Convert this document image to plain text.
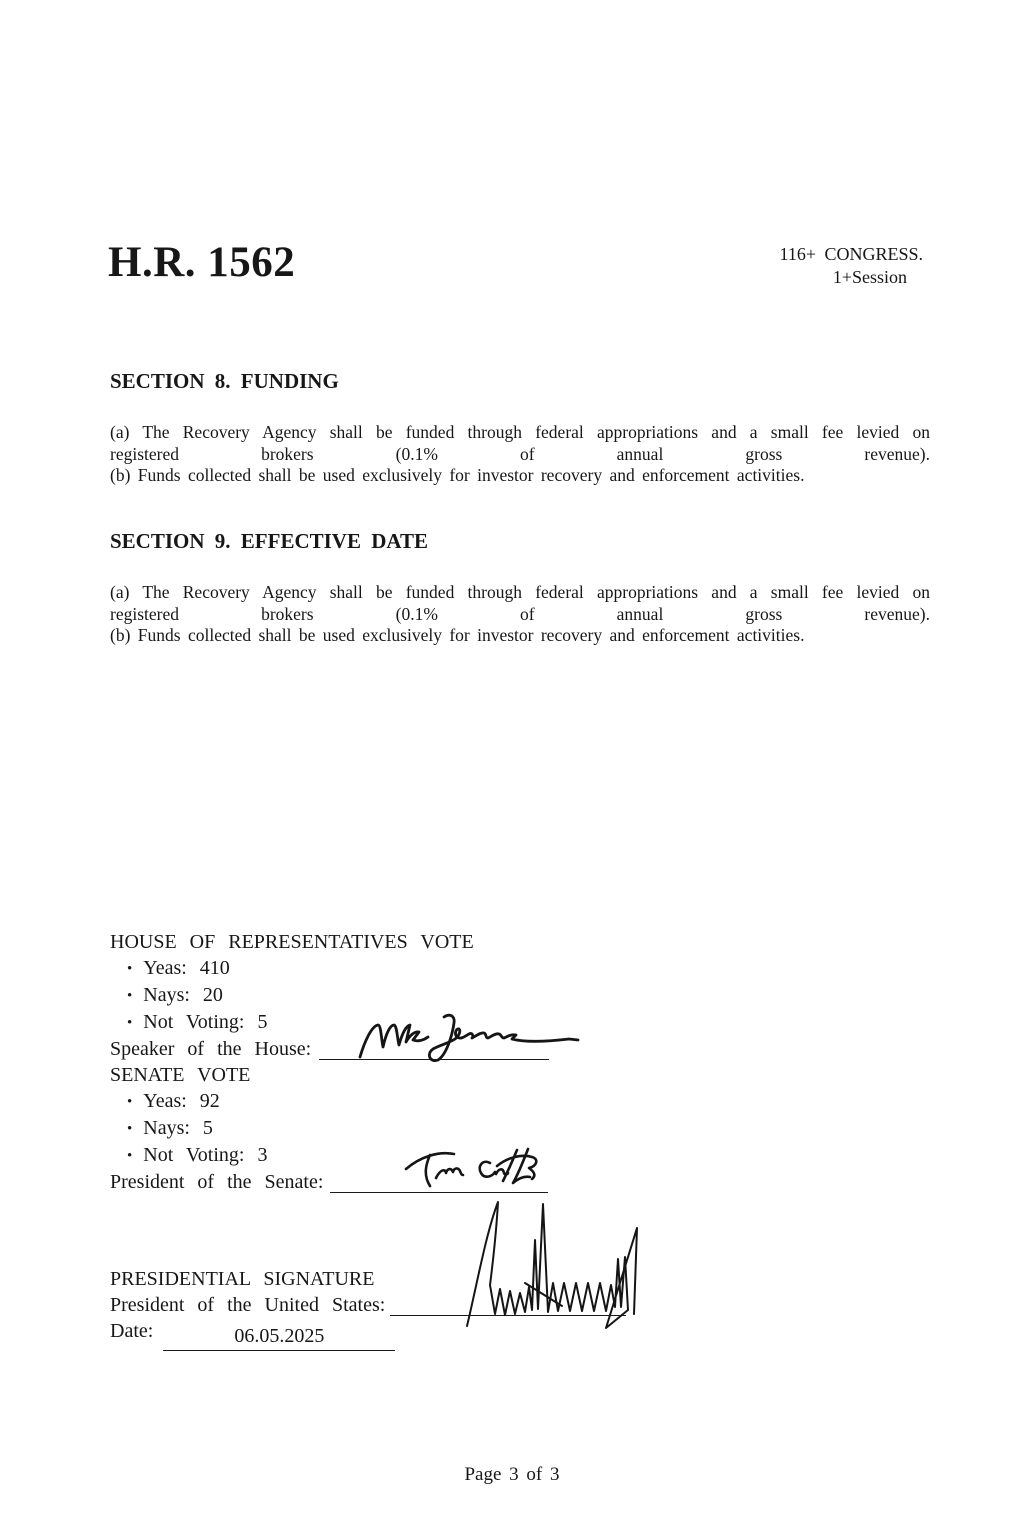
H.R. 1562	116+ CONGRESS.
1+Session
SECTION 8. FUNDING
(a) The Recovery Agency shall be funded through federal appropriations and a small fee levied on
registered brokers (0.1% of annual gross revenue).
(b) Funds collected shall be used exclusively for investor recovery and enforcement activities.
SECTION 9. EFFECTIVE DATE
(a) The Recovery Agency shall be funded through federal appropriations and a small fee levied on
registered brokers (0.1% of annual gross revenue).
(b) Funds collected shall be used exclusively for investor recovery and enforcement activities.
HOUSE OF REPRESENTATIVES VOTE
• Yeas: 410
• Nays: 20
• Not Voting: 5
Speaker of the House:
SENATE VOTE
• Yeas: 92
• Nays: 5
• Not Voting: 3
President of the Senate:
PRESIDENTIAL SIGNATURE
President of the United States:
Date:	06.05.2025
Page 3 of 3
